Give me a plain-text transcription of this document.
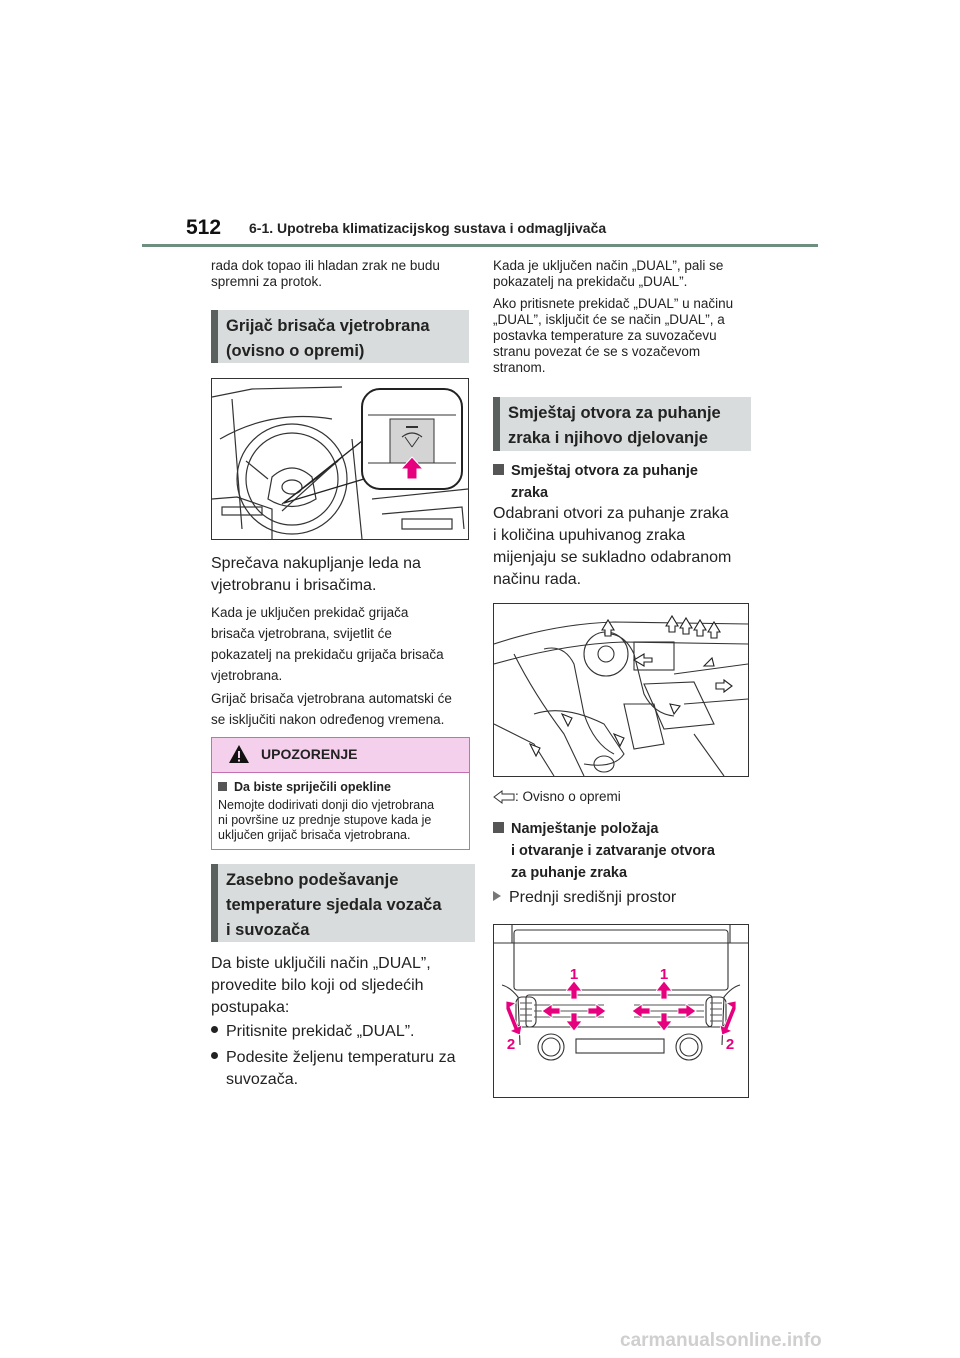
512 6-1. Upotreba klimatizacijskog sustava i odmagljivača
rada dok topao ili hladan zrak ne budu
spremni za protok.
Grijač brisača vjetrobrana
(ovisno o opremi)
Sprečava nakupljanje leda na
vjetrobranu i brisačima.
Kada je uključen prekidač grijača
brisača vjetrobrana, svijetlit će
pokazatelj na prekidaču grijača brisača
vjetrobrana.
Grijač brisača vjetrobrana automatski će
se isključiti nakon određenog vremena.
UPOZORENJE
Da biste spriječili opekline
Nemojte dodirivati donji dio vjetrobrana
ni površine uz prednje stupove kada je
uključen grijač brisača vjetrobrana.
Zasebno podešavanje
temperature sjedala vozača
i suvozača
Da biste uključili način „DUAL”,
provedite bilo koji od sljedećih
postupaka:
Pritisnite prekidač „DUAL”.
Podesite željenu temperaturu za
suvozača.
Kada je uključen način „DUAL”, pali se
pokazatelj na prekidaču „DUAL”.
Ako pritisnete prekidač „DUAL” u načinu
„DUAL”, isključit će se način „DUAL”, a
postavka temperature za suvozačevu
stranu povezat će se s vozačevom
stranom.
Smještaj otvora za puhanje
zraka i njihovo djelovanje
Smještaj otvora za puhanje
zraka
Odabrani otvori za puhanje zraka
i količina upuhivanog zraka
mijenjaju se sukladno odabranom
načinu rada.
: Ovisno o opremi
Namještanje položaja
i otvaranje i zatvaranje otvora
za puhanje zraka
Prednji središnji prostor
1	1
2	2
carmanualsonline.info
